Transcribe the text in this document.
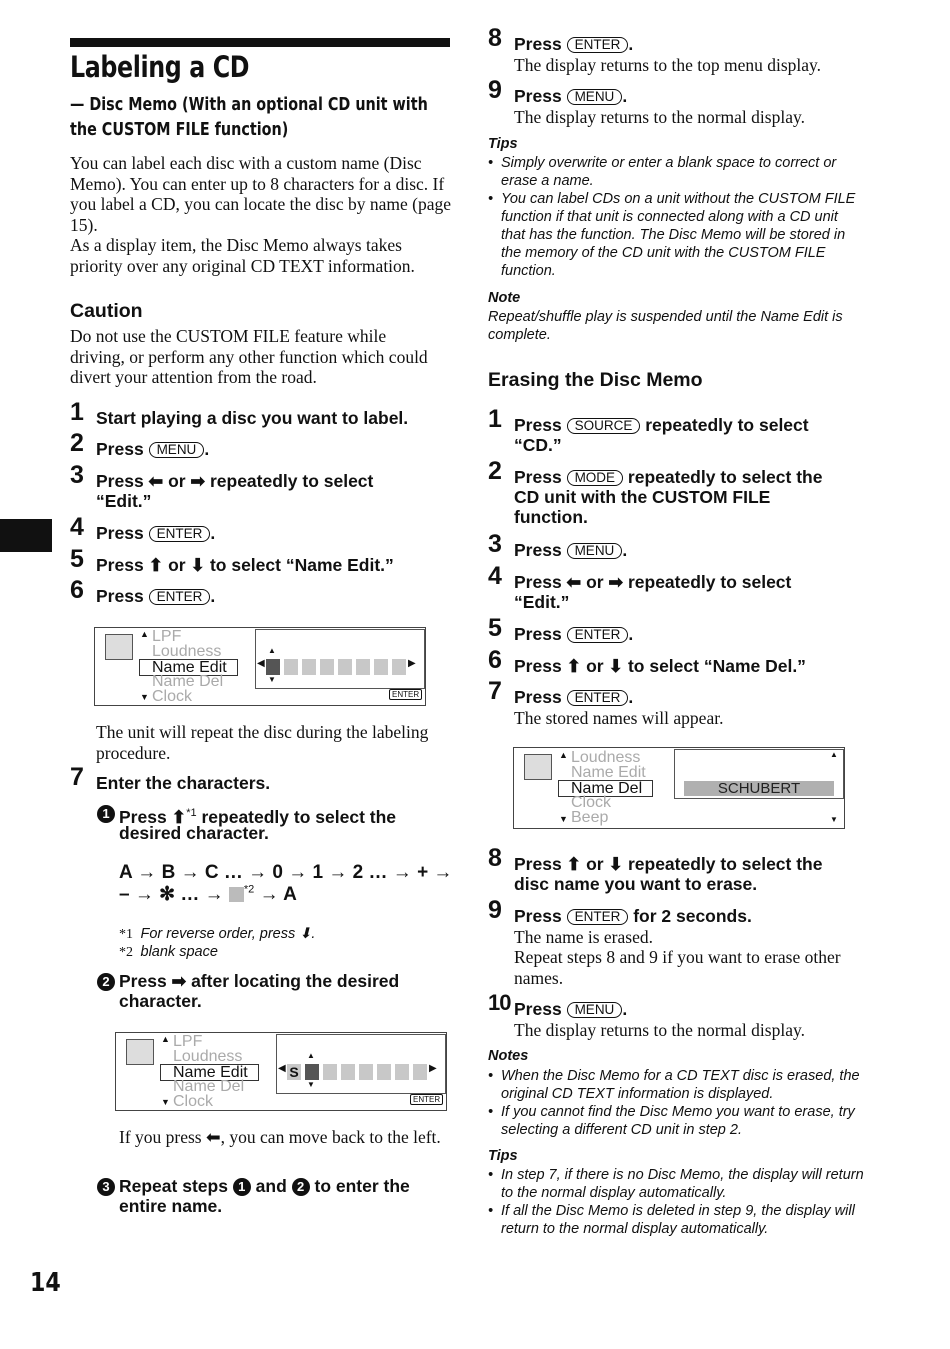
14
Labeling a CD
— Disc Memo (With an optional CD unit with the CUSTOM FILE function)
You can label each disc with a custom name (Disc Memo). You can enter up to 8 characters for a disc. If you label a CD, you can locate the disc by name (page 15).
As a display item, the Disc Memo always takes priority over any original CD TEXT information.
Caution
Do not use the CUSTOM FILE feature while driving, or perform any other function which could divert your attention from the road.
1 Start playing a disc you want to label.
2 Press MENU .
3 Press ⬅ or ➡ repeatedly to select
“Edit.”
4 Press ENTER .
5 Press ⬆ or ⬇ to select “Name Edit.”
6 Press ENTER .
▲
▼
LPF
Loudness
Name Edit
Name Del
Clock
◀
▲
▼
▶
ENTER
The unit will repeat the disc during the labeling procedure.
7 Enter the characters.
1 Press ⬆$^{*1}$ repeatedly to select the
desired character.
A → B → C … → 0 → 1 → 2 … → + →
– → ✻ … → $^{*2}$ → A
*1 For reverse order, press ⬇.
*2 blank space
2 Press ➡ after locating the desired
character.
▲
▼
LPF
Loudness
Name Edit
Name Del
Clock
◀ S
▲
▼
▶
ENTER
If you press ⬅, you can move back to the left.
3 Repeat steps 1 and 2 to enter the
entire name.
8 Press ENTER .
The display returns to the top menu display.
9 Press MENU .
The display returns to the normal display.
Tips
• Simply overwrite or enter a blank space to correct or erase a name.
• You can label CDs on a unit without the CUSTOM FILE function if that unit is connected along with a CD unit that has the function. The Disc Memo will be stored in the memory of the CD unit with the CUSTOM FILE function.
Note
Repeat/shuffle play is suspended until the Name Edit is complete.
Erasing the Disc Memo
1 Press SOURCE repeatedly to select
“CD.”
2 Press MODE repeatedly to select the
CD unit with the CUSTOM FILE
function.
3 Press MENU .
4 Press ⬅ or ➡ repeatedly to select
“Edit.”
5 Press ENTER .
6 Press ⬆ or ⬇ to select “Name Del.”
7 Press ENTER .
The stored names will appear.
▲
▼
Loudness
Name Edit
Name Del
Clock
Beep
SCHUBERT
▲
▼
8 Press ⬆ or ⬇ repeatedly to select the
disc name you want to erase.
9 Press ENTER for 2 seconds.
The name is erased.
Repeat steps 8 and 9 if you want to erase other names.
10 Press MENU .
The display returns to the normal display.
Notes
• When the Disc Memo for a CD TEXT disc is erased, the original CD TEXT information is displayed.
• If you cannot find the Disc Memo you want to erase, try selecting a different CD unit in step 2.
Tips
• In step 7, if there is no Disc Memo, the display will return to the normal display automatically.
• If all the Disc Memo is deleted in step 9, the display will return to the normal display automatically.
